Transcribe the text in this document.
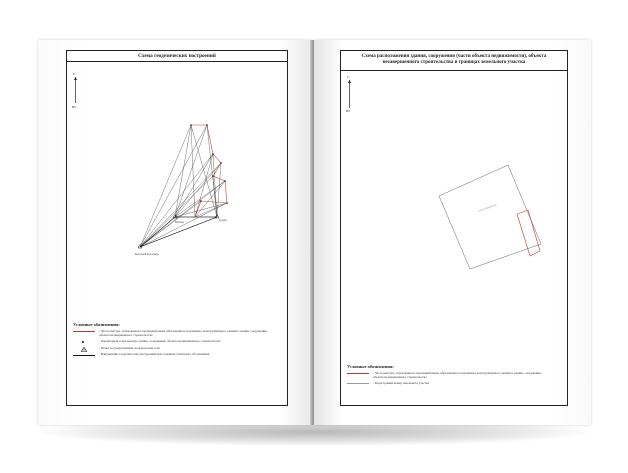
Схема геодезических построений
С
Ю
Вешки	Гриди
Красный Богатырь
Условные обозначения:
- Часть контура, образованного проекцией вновь образованного надземного конструктивного элемента здания, сооружения, объекта незавершенного строительства
- Характерная точка контура здания, сооружения, объекта незавершенного строительства
- Пункт государственной геодезической сети
- Направление геодезических построений при создании съемочного обоснования
Схема расположения здания, сооружения (части объекта недвижимости), объекта
незавершенного строительства в границах земельного участка
С
Ю
00:00:0000000:00
Условные обозначения:
- Часть контура, образованного проекцией вновь образованного надземного конструктивного элемента здания, сооружения, объекта незавершенного строительства
- Кадастровый номер земельного участка
